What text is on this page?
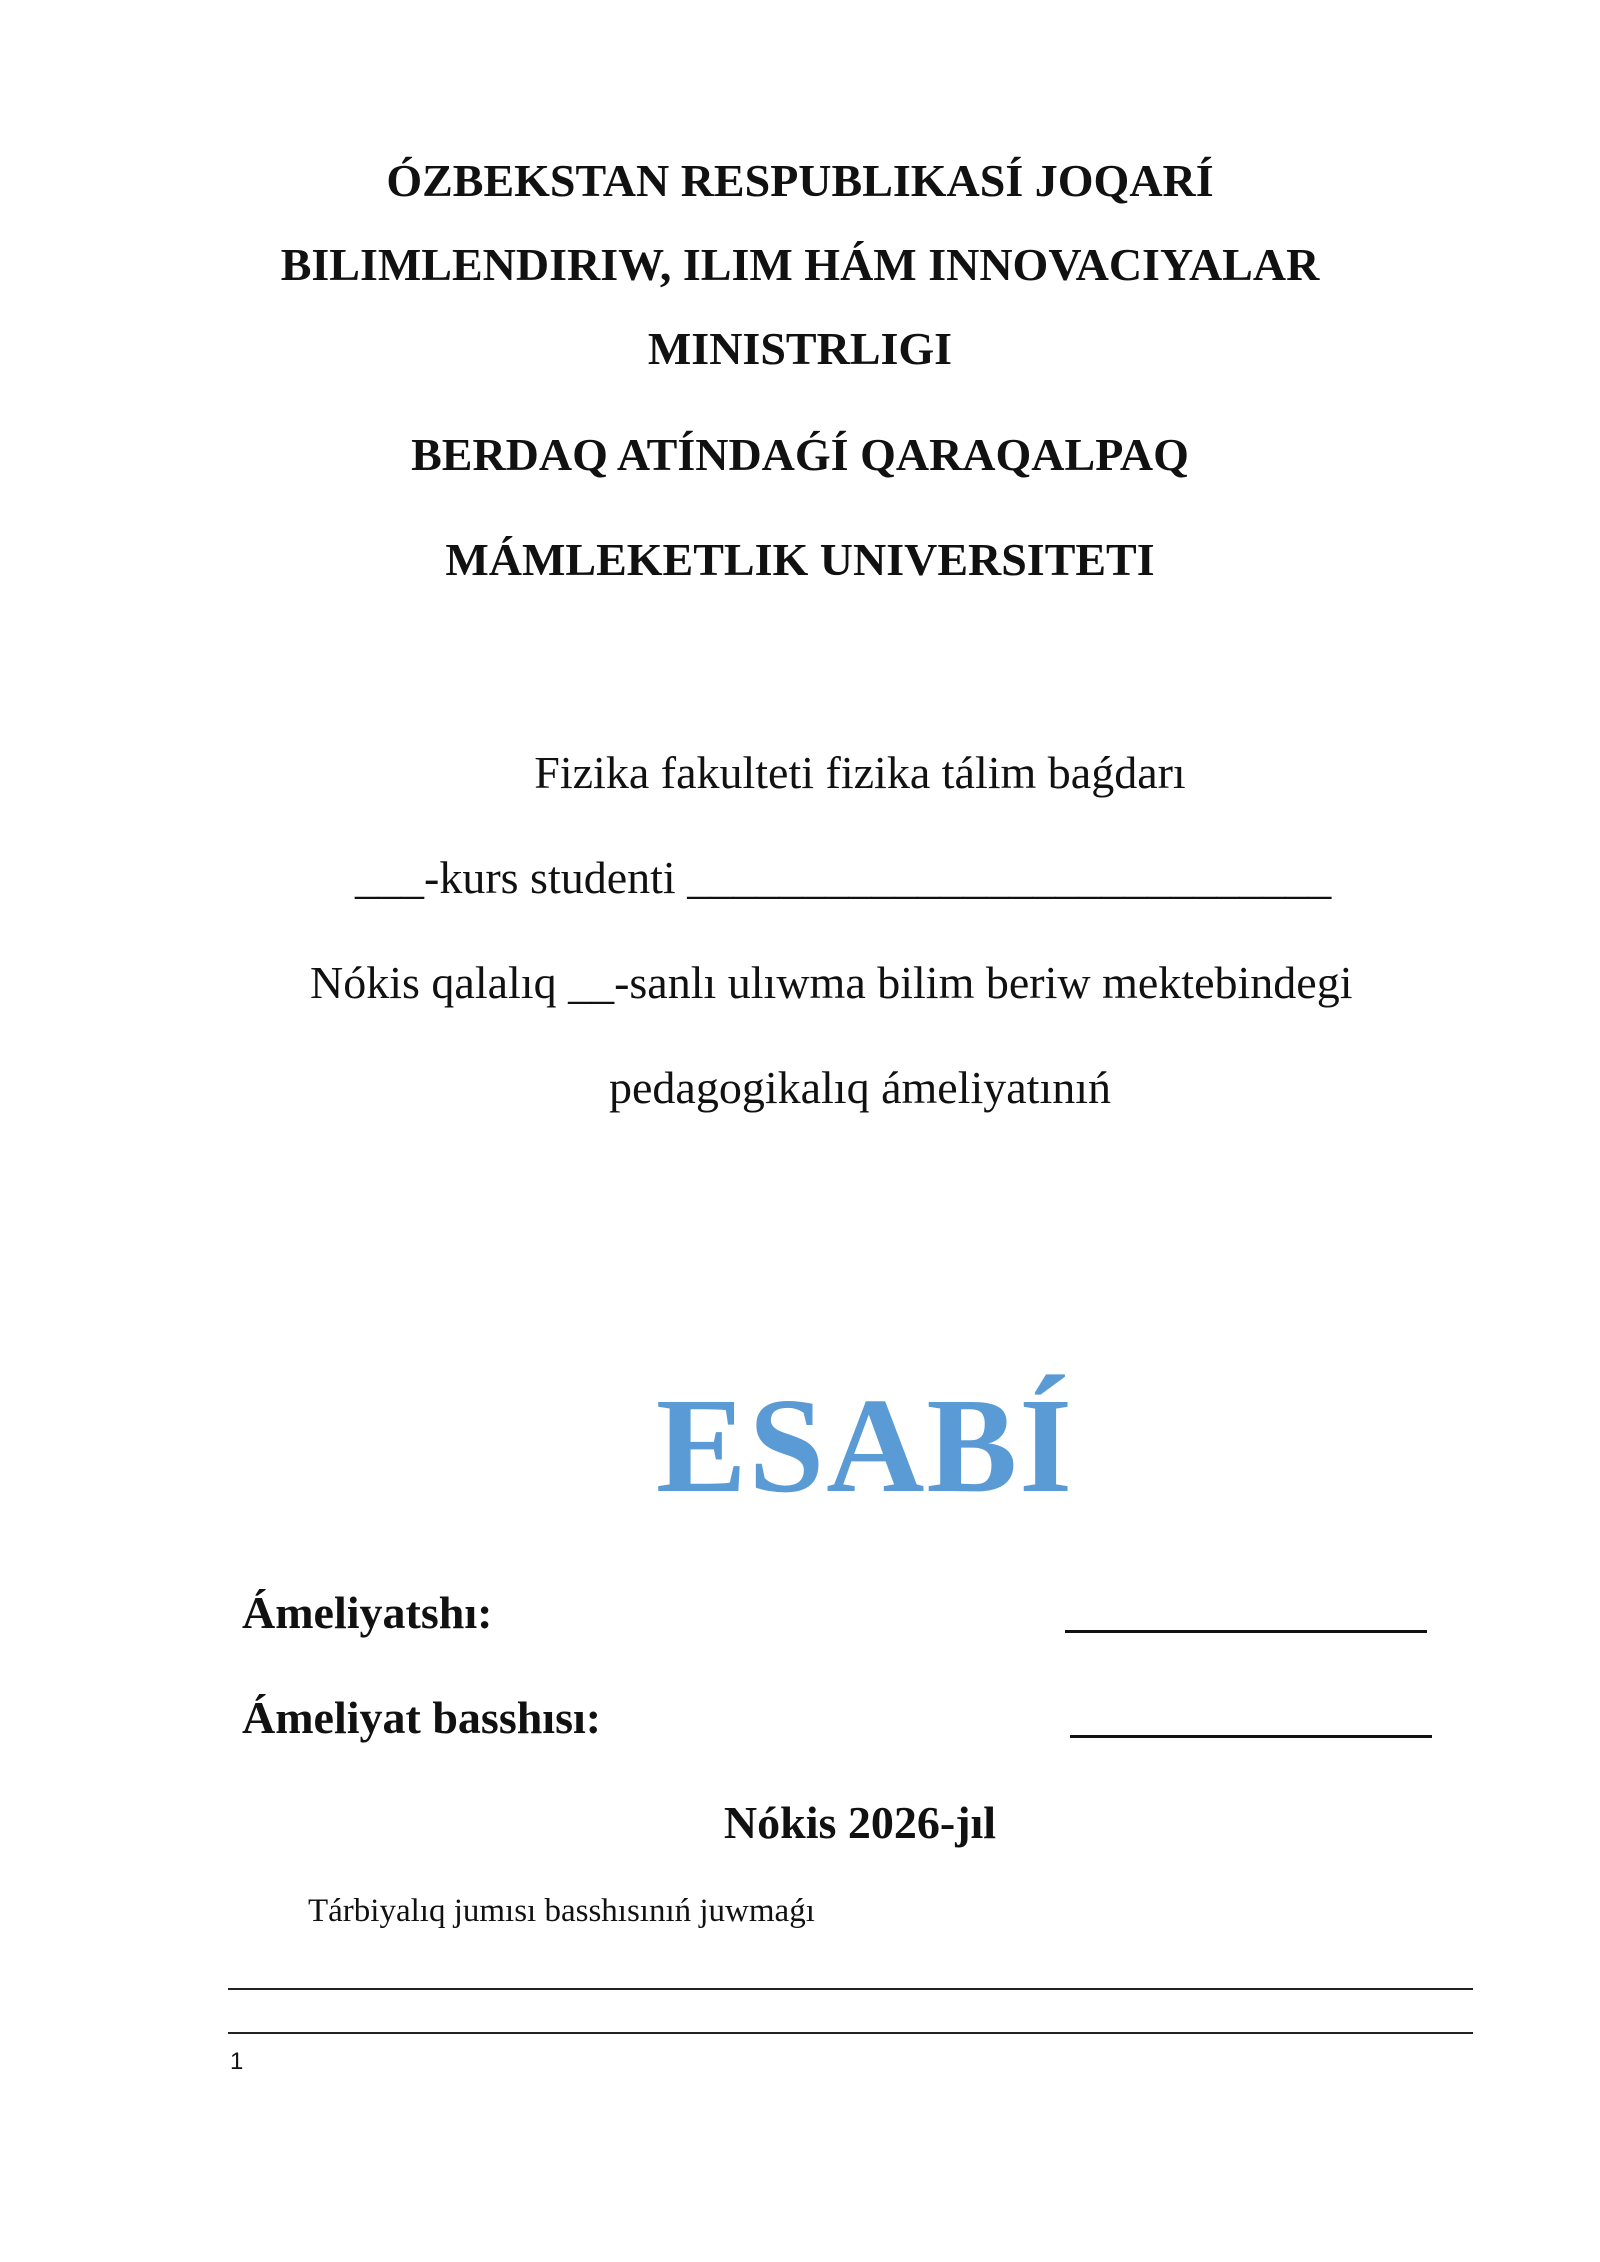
ÓZBEKSTAN RESPUBLIKASÍ JOQARÍ
BILIMLENDIRIW, ILIM HÁM INNOVACIYALAR
MINISTRLIGI
BERDAQ ATÍNDAǴÍ QARAQALPAQ
MÁMLEKETLIK UNIVERSITETI
Fizika fakulteti fizika tálim baǵdarı
___-kurs studenti ____________________________
Nókis qalalıq __-sanlı ulıwma bilim beriw mektebindegi
pedagogikalıq ámeliyatınıń
ESABÍ
Ámeliyatshı:
Ámeliyat basshısı:
Nókis 2026-jıl
Tárbiyalıq jumısı basshısınıń juwmaǵı
1
